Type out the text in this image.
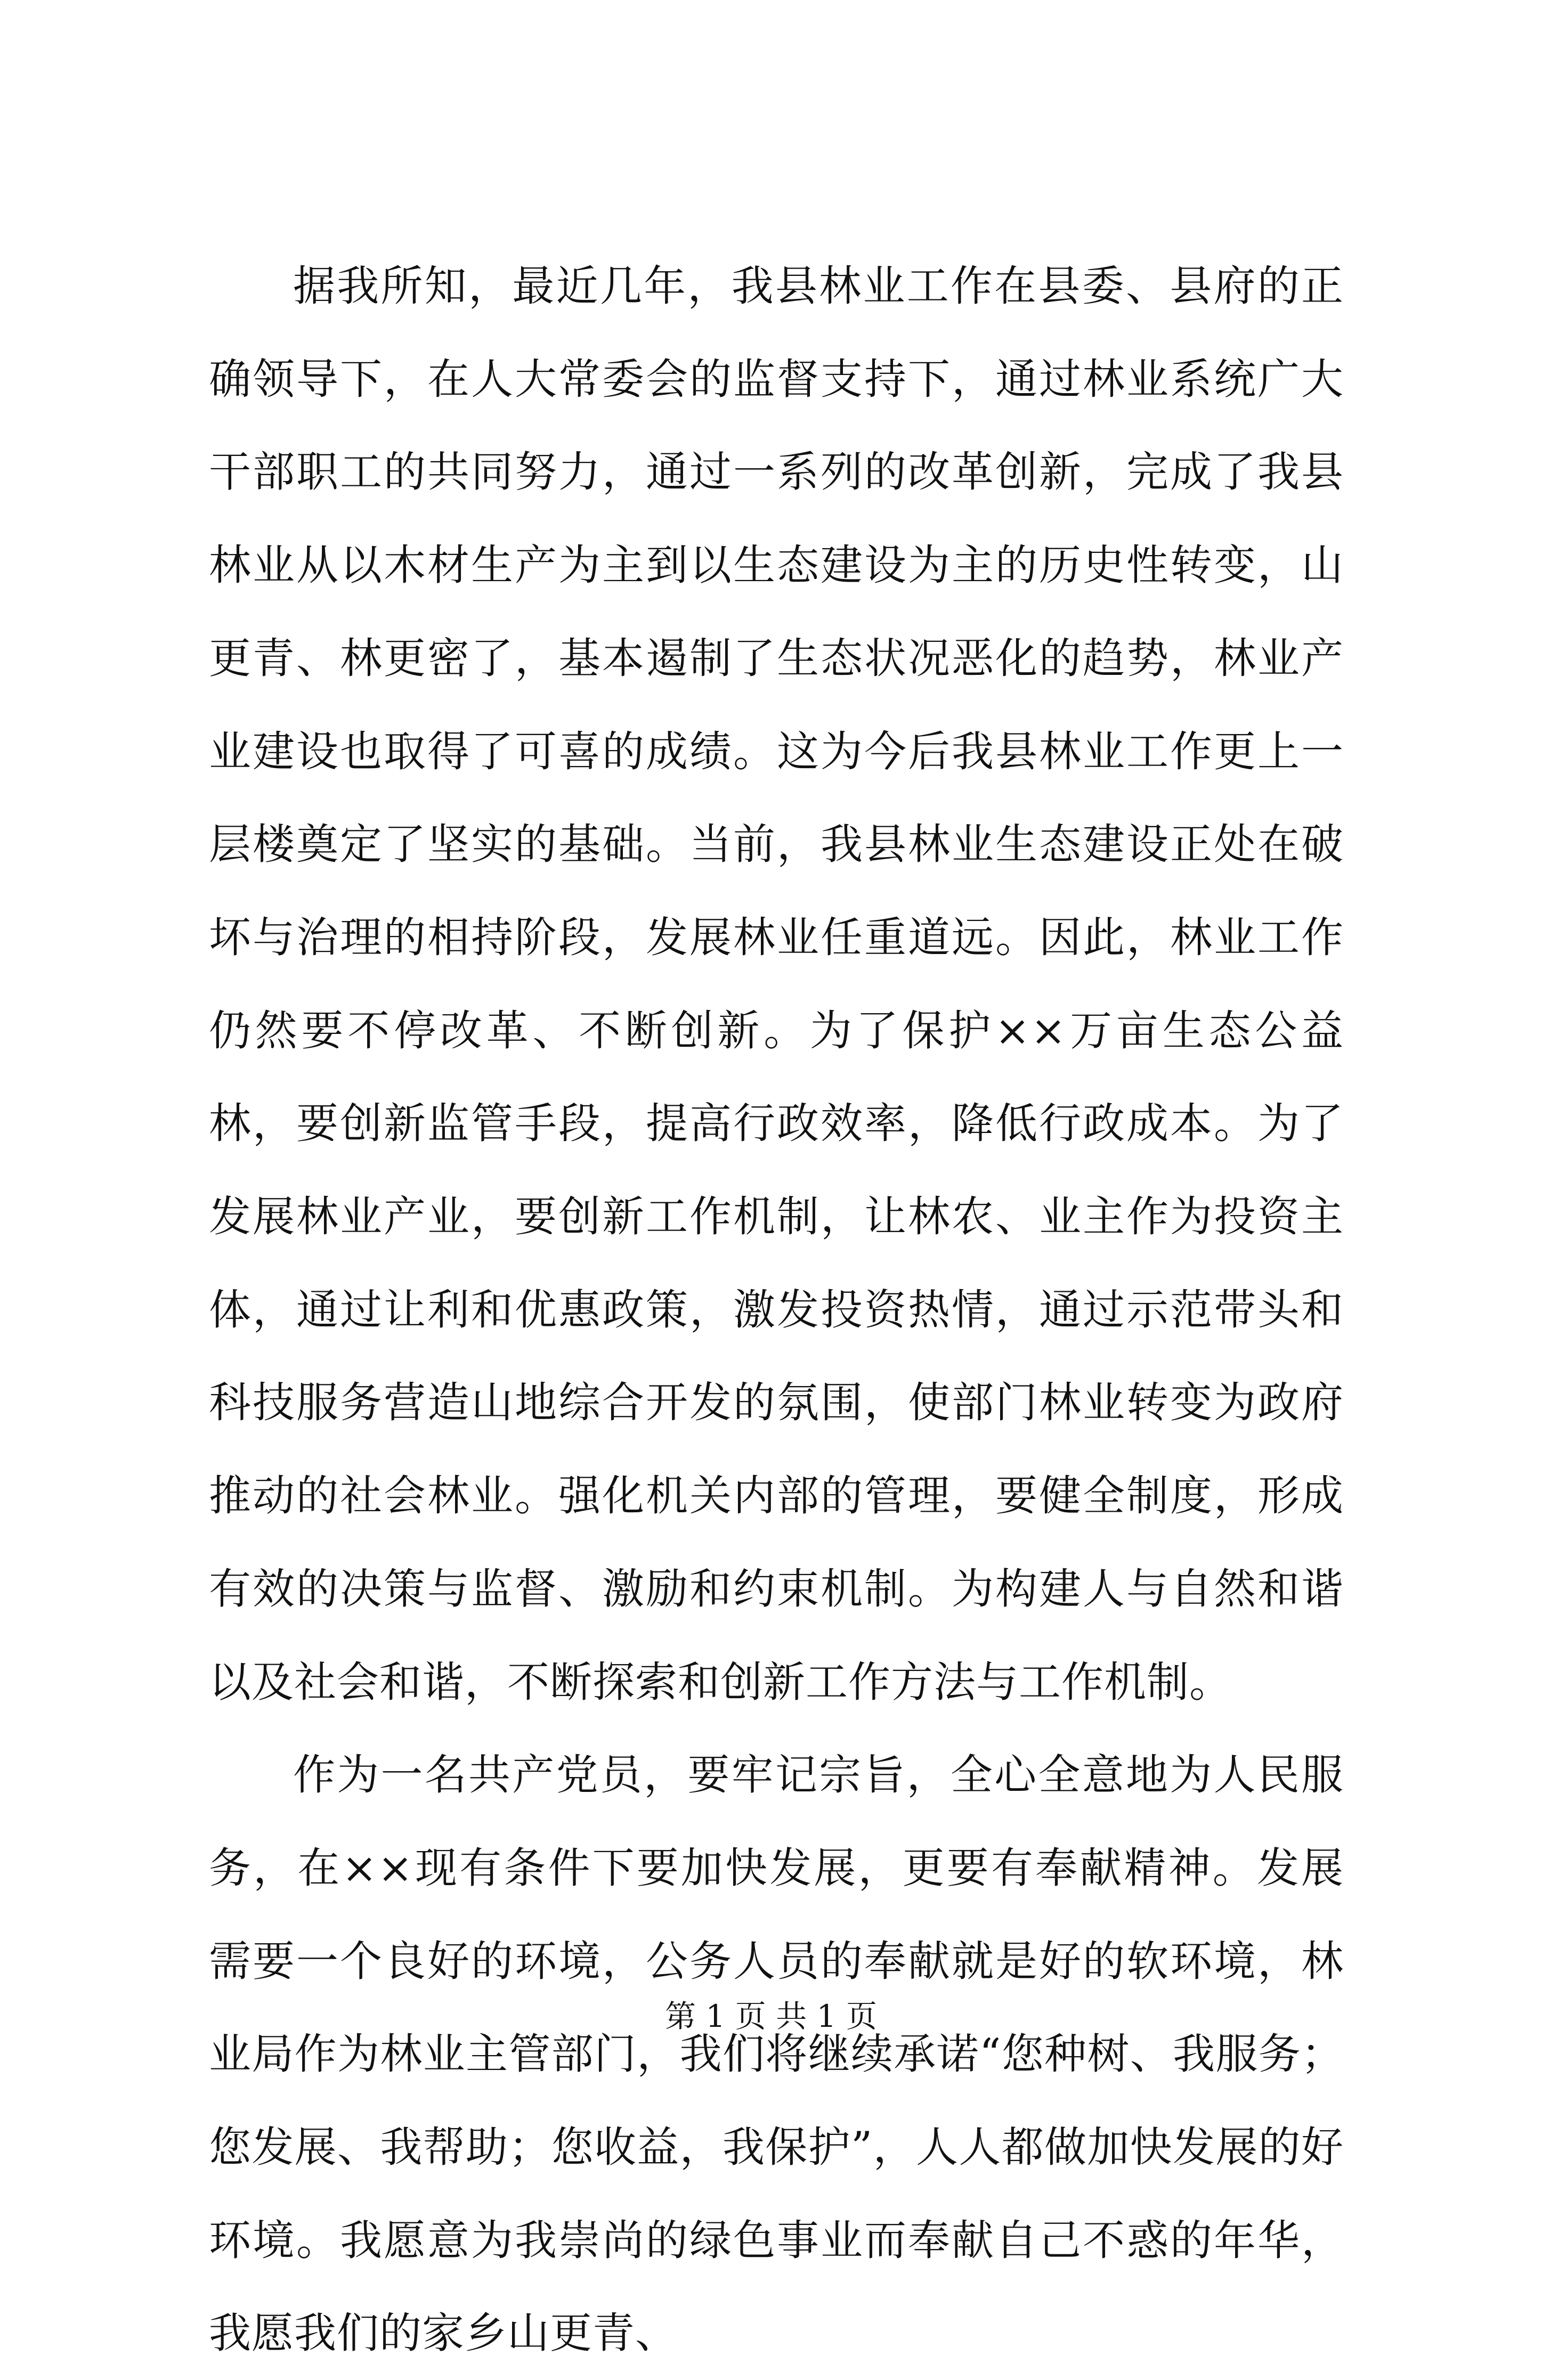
据我所知，最近几年，我县林业工作在县委、县府的正确领导下，在人大常委会的监督支持下，通过林业系统广大干部职工的共同努力，通过一系列的改革创新，完成了我县林业从以木材生产为主到以生态建设为主的历史性转变，山更青、林更密了，基本遏制了生态状况恶化的趋势，林业产业建设也取得了可喜的成绩。这为今后我县林业工作更上一层楼奠定了坚实的基础。当前，我县林业生态建设正处在破坏与治理的相持阶段，发展林业任重道远。因此，林业工作仍然要不停改革、不断创新。为了保护××万亩生态公益林，要创新监管手段，提高行政效率，降低行政成本。为了发展林业产业，要创新工作机制，让林农、业主作为投资主体，通过让利和优惠政策，激发投资热情，通过示范带头和科技服务营造山地综合开发的氛围，使部门林业转变为政府推动的社会林业。强化机关内部的管理，要健全制度，形成有效的决策与监督、激励和约束机制。为构建人与自然和谐以及社会和谐，不断探索和创新工作方法与工作机制。

作为一名共产党员，要牢记宗旨，全心全意地为人民服务，在××现有条件下要加快发展，更要有奉献精神。发展需要一个良好的环境，公务人员的奉献就是好的软环境，林业局作为林业主管部门，我们将继续承诺“您种树、我服务；您发展、我帮助；您收益，我保护”，人人都做加快发展的好环境。我愿意为我崇尚的绿色事业而奉献自己不惑的年华，我愿我们的家乡山更青、

第 1 页 共 1 页
